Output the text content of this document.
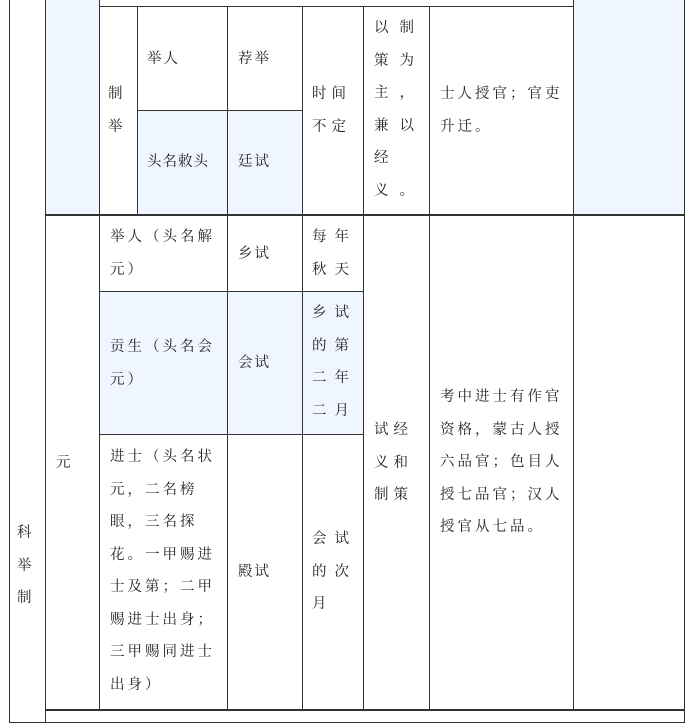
科举制
制举
举人	荐举
头名敕头	廷试
时间不定
以制策为主，兼以经义。
士人授官；官吏升迁。
元
举人（头名解元）
乡试
每年秋天
贡生（头名会元）
会试
乡试的第二年二月
进士（头名状元，二名榜眼，三名探花。一甲赐进士及第；二甲赐进士出身；三甲赐同进士出身）
殿试
会试的次月
试经义和制策
考中进士有作官资格，蒙古人授六品官；色目人授七品官；汉人授官从七品。
